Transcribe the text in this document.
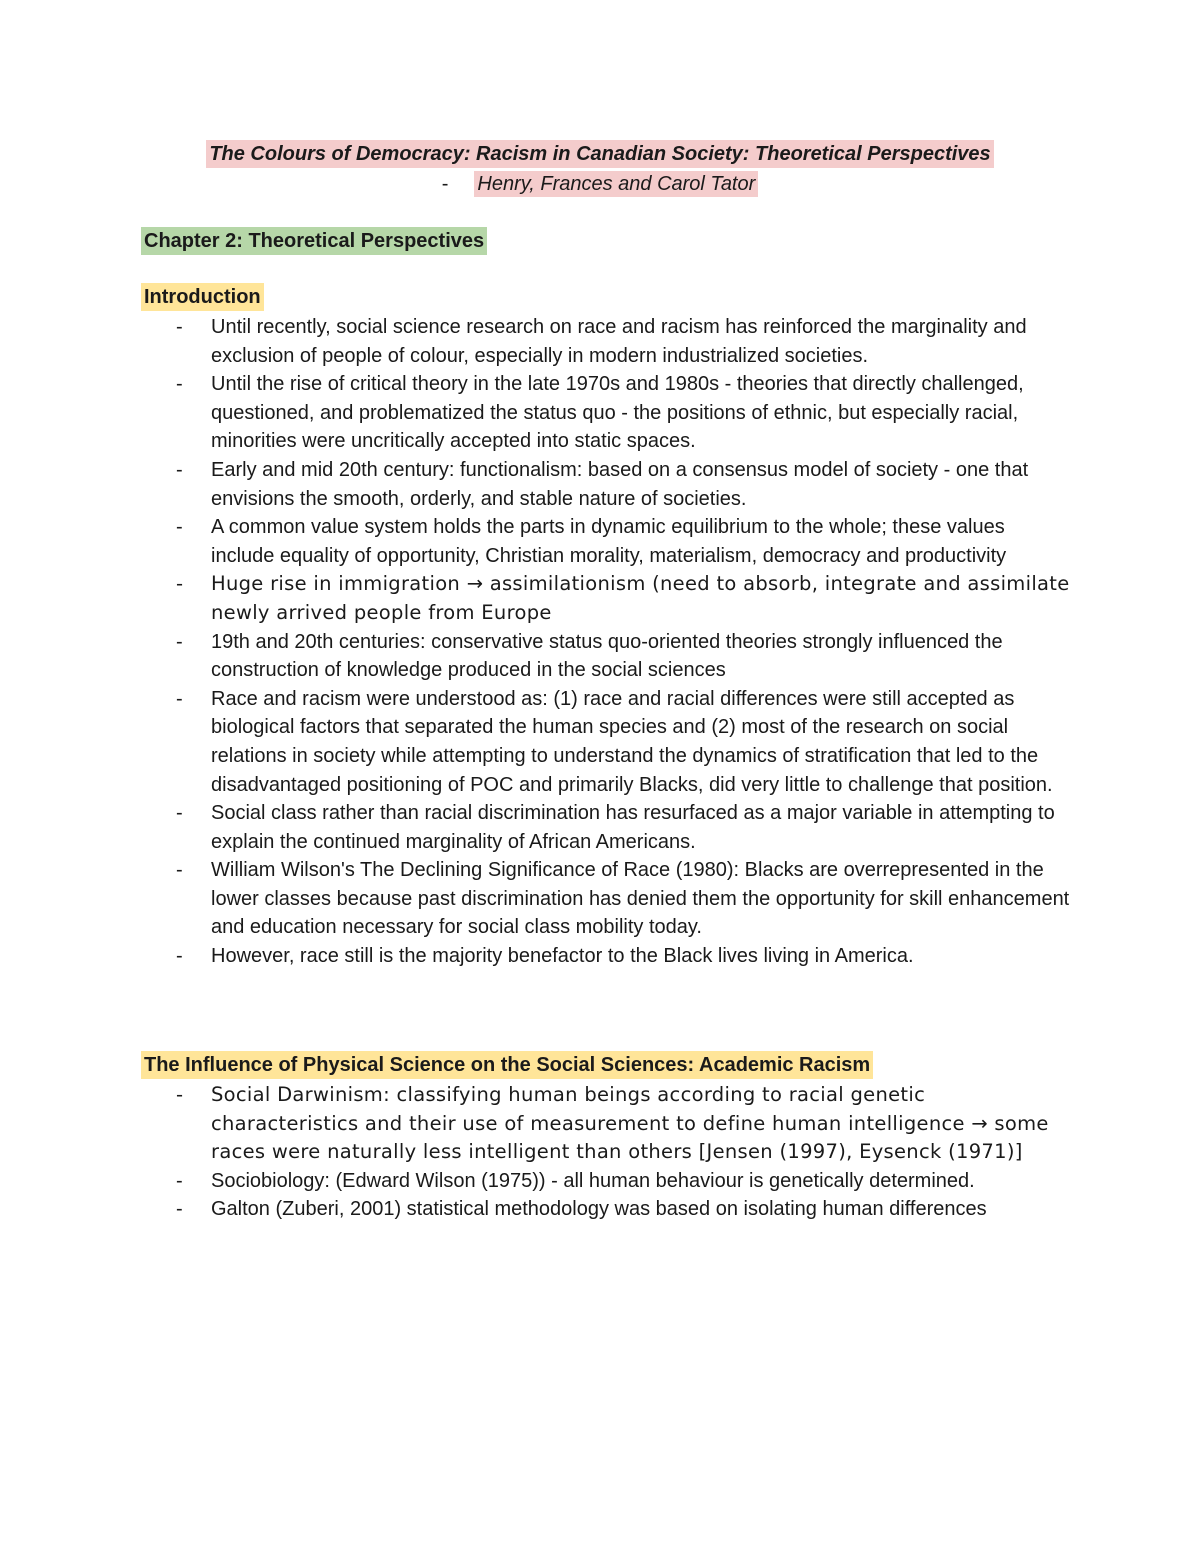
The Colours of Democracy: Racism in Canadian Society: Theoretical Perspectives
- Henry, Frances and Carol Tator
Chapter 2: Theoretical Perspectives
Introduction
- Until recently, social science research on race and racism has reinforced the marginality and exclusion of people of colour, especially in modern industrialized societies.
- Until the rise of critical theory in the late 1970s and 1980s - theories that directly challenged, questioned, and problematized the status quo - the positions of ethnic, but especially racial, minorities were uncritically accepted into static spaces.
- Early and mid 20th century: functionalism: based on a consensus model of society - one that envisions the smooth, orderly, and stable nature of societies.
- A common value system holds the parts in dynamic equilibrium to the whole; these values include equality of opportunity, Christian morality, materialism, democracy and productivity
- Huge rise in immigration → assimilationism (need to absorb, integrate and assimilate newly arrived people from Europe
- 19th and 20th centuries: conservative status quo-oriented theories strongly influenced the construction of knowledge produced in the social sciences
- Race and racism were understood as: (1) race and racial differences were still accepted as biological factors that separated the human species and (2) most of the research on social relations in society while attempting to understand the dynamics of stratification that led to the disadvantaged positioning of POC and primarily Blacks, did very little to challenge that position.
- Social class rather than racial discrimination has resurfaced as a major variable in attempting to explain the continued marginality of African Americans.
- William Wilson's The Declining Significance of Race (1980): Blacks are overrepresented in the lower classes because past discrimination has denied them the opportunity for skill enhancement and education necessary for social class mobility today.
- However, race still is the majority benefactor to the Black lives living in America.
The Influence of Physical Science on the Social Sciences: Academic Racism
- Social Darwinism: classifying human beings according to racial genetic characteristics and their use of measurement to define human intelligence → some races were naturally less intelligent than others [Jensen (1997), Eysenck (1971)]
- Sociobiology: (Edward Wilson (1975)) - all human behaviour is genetically determined.
- Galton (Zuberi, 2001) statistical methodology was based on isolating human differences
